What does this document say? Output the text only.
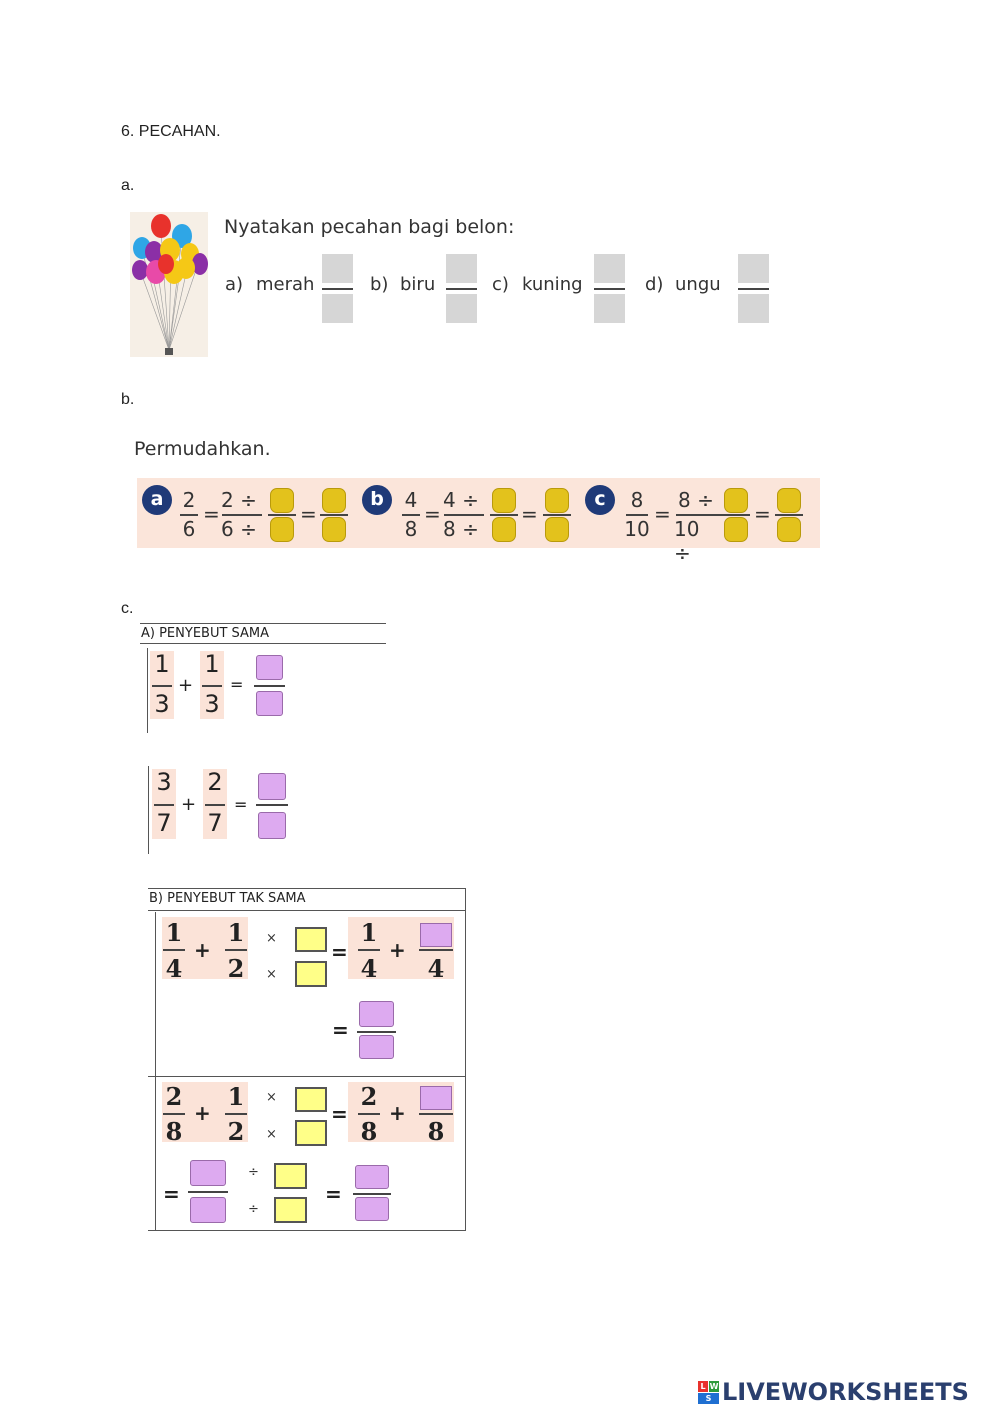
6. PECAHAN.
a.
Nyatakan pecahan bagi belon:
a) merah	b) biru	c) kuning	d) ungu
b.
Permudahkan.
a 2
6
=
2 ÷
6 ÷
=
b	4
8
=
4 ÷
8 ÷
=
c	8
10
=
8 ÷
10 ÷
=
c.
A) PENYEBUT SAMA
1
3
+
1
3
=
3
7
+
2
7
=
B) PENYEBUT TAK SAMA
1
4
+
1
2
×
×
=
1
4
+
4
=
2
8
+
1
2
×
×
=
2
8
+
8
=
÷
÷
=
L W
S LIVEWORKSHEETS
